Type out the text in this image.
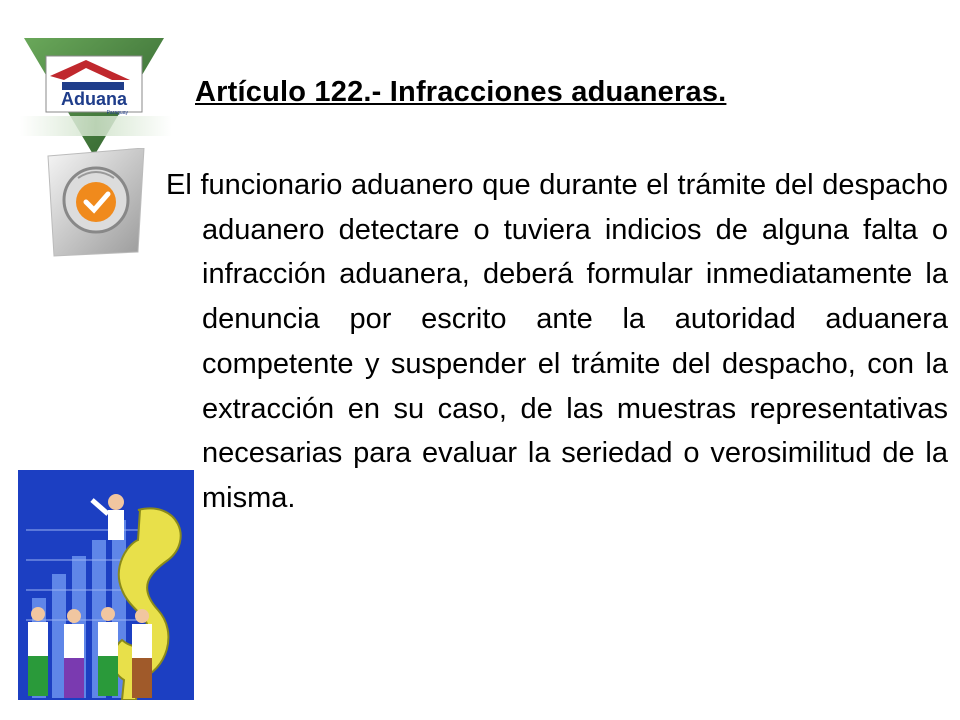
Aduana
Paraguay
Artículo 122.- Infracciones aduaneras.

El funcionario aduanero que durante el trámite del despacho aduanero detectare o tuviera indicios de alguna falta o infracción aduanera, deberá formular inmediatamente la denuncia por escrito ante la autoridad aduanera competente y suspender el trámite del despacho, con la extracción en su caso, de las muestras representativas necesarias para evaluar la seriedad o verosimilitud de la misma.
